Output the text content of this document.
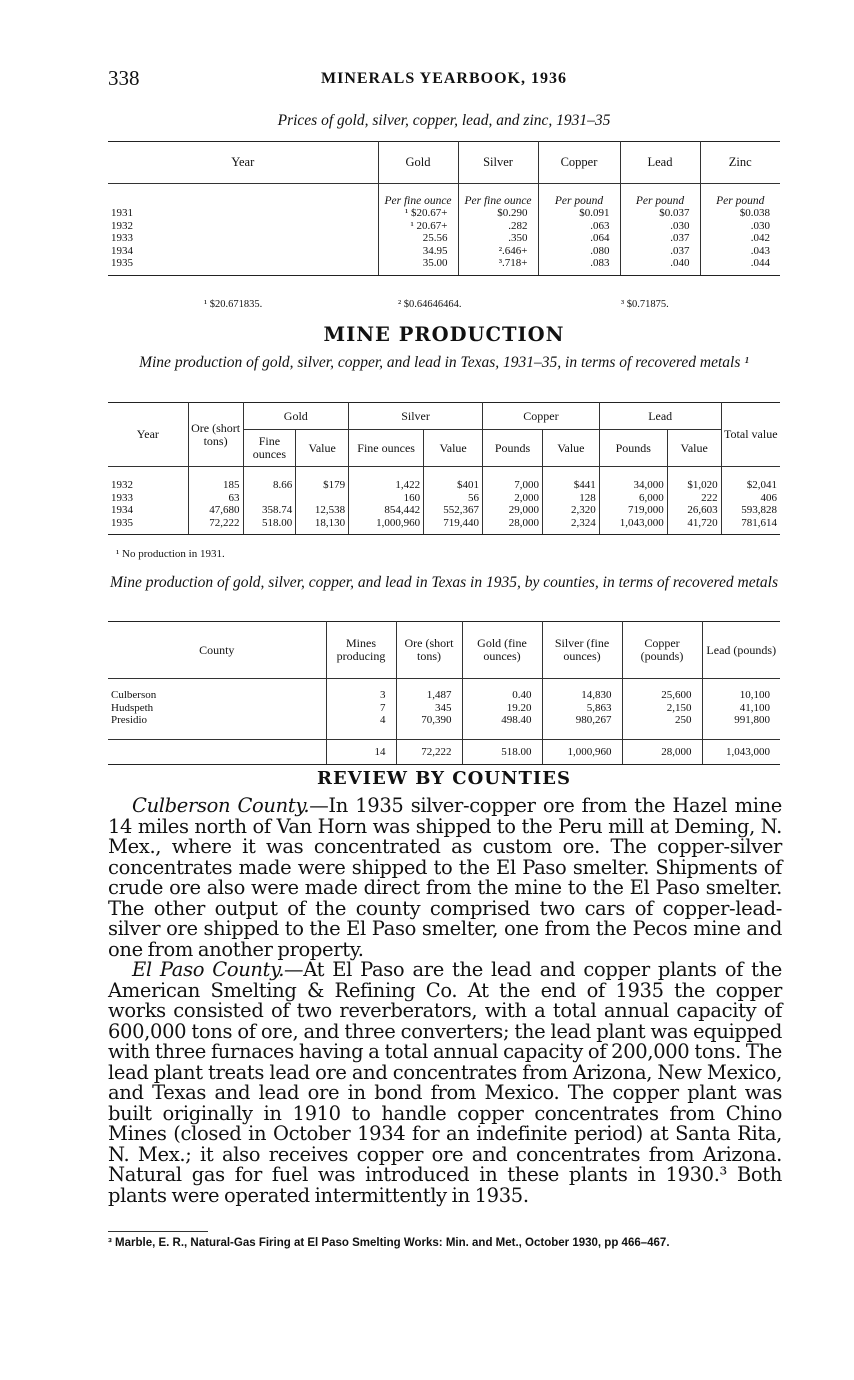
338	MINERALS YEARBOOK, 1936
Prices of gold, silver, copper, lead, and zinc, 1931–35
Year	Gold	Silver	Copper	Lead	Zinc
	Per fine ounce	Per fine ounce	Per pound	Per pound	Per pound
1931	¹ $20.67+	$0.290	$0.091	$0.037	$0.038
1932	¹ 20.67+	.282	.063	.030	.030
1933	25.56	.350	.064	.037	.042
1934	34.95	².646+	.080	.037	.043
1935	35.00	³.718+	.083	.040	.044
¹ $20.671835.	² $0.64646464.	³ $0.71875.
MINE PRODUCTION
Mine production of gold, silver, copper, and lead in Texas, 1931–35, in terms of recovered metals ¹
Year	Ore (short tons)	Gold		Silver		Copper		Lead		Total value
		Fine ounces	Value	Fine ounces	Value	Pounds	Value	Pounds	Value	
1932	185	8.66	$179	1,422	$401	7,000	$441	34,000	$1,020	$2,041
1933	63			160	56	2,000	128	6,000	222	406
1934	47,680	358.74	12,538	854,442	552,367	29,000	2,320	719,000	26,603	593,828
1935	72,222	518.00	18,130	1,000,960	719,440	28,000	2,324	1,043,000	41,720	781,614
¹ No production in 1931.
Mine production of gold, silver, copper, and lead in Texas in 1935, by counties, in terms of recovered metals
County	Mines producing	Ore (short tons)	Gold (fine ounces)	Silver (fine ounces)	Copper (pounds)	Lead (pounds)
Culberson	3	1,487	0.40	14,830	25,600	10,100
Hudspeth	7	345	19.20	5,863	2,150	41,100
Presidio	4	70,390	498.40	980,267	250	991,800

	14	72,222	518.00	1,000,960	28,000	1,043,000
REVIEW BY COUNTIES

Culberson County.—In 1935 silver-copper ore from the Hazel mine 14 miles north of Van Horn was shipped to the Peru mill at Deming, N. Mex., where it was concentrated as custom ore. The copper-silver concentrates made were shipped to the El Paso smelter. Shipments of crude ore also were made direct from the mine to the El Paso smelter. The other output of the county comprised two cars of copper-lead-silver ore shipped to the El Paso smelter, one from the Pecos mine and one from another property.

El Paso County.—At El Paso are the lead and copper plants of the American Smelting & Refining Co. At the end of 1935 the copper works consisted of two reverberators, with a total annual capacity of 600,000 tons of ore, and three converters; the lead plant was equipped with three furnaces having a total annual capacity of 200,000 tons. The lead plant treats lead ore and concentrates from Arizona, New Mexico, and Texas and lead ore in bond from Mexico. The copper plant was built originally in 1910 to handle copper concentrates from Chino Mines (closed in October 1934 for an indefinite period) at Santa Rita, N. Mex.; it also receives copper ore and concentrates from Arizona. Natural gas for fuel was introduced in these plants in 1930.³ Both plants were operated intermittently in 1935.

³ Marble, E. R., Natural-Gas Firing at El Paso Smelting Works: Min. and Met., October 1930, pp 466–467.
